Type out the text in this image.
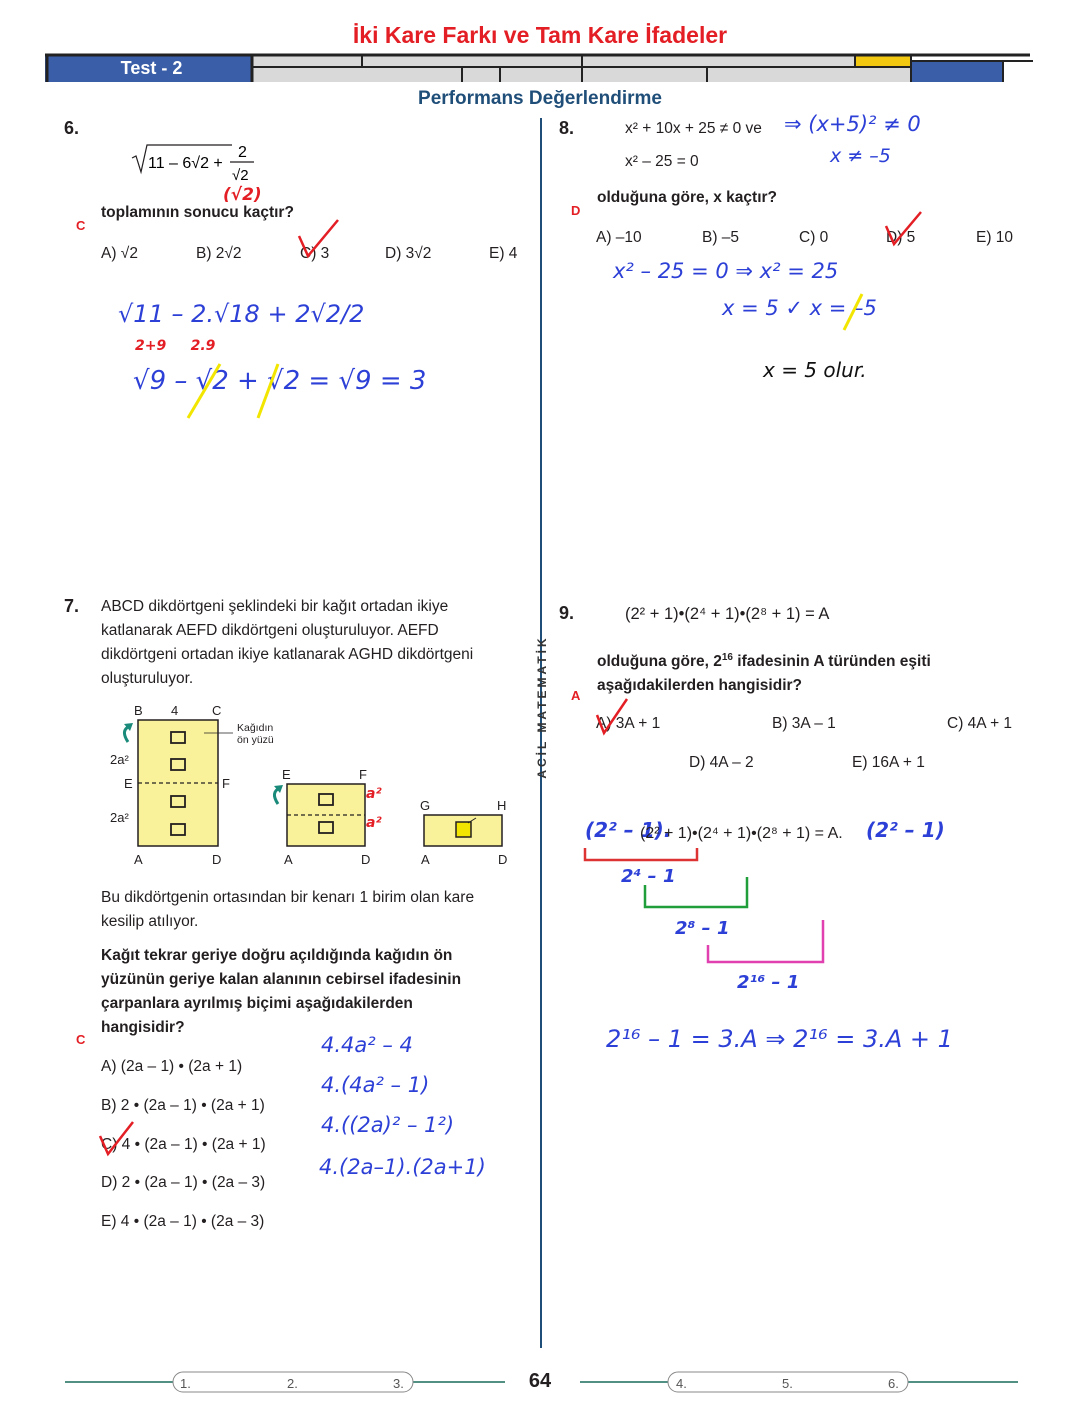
İki Kare Farkı ve Tam Kare İfadeler
Test - 2
Performans Değerlendirme
ACİL MATEMATİK
6.
11 – 6√2 +
2
√2
(√2)
C
toplamının sonucu kaçtır?
A) √2	B) 2√2	C) 3	D) 3√2	E) 4
√11 – 2.√18 + 2√2/2
2+9     2.9
√9 – √2 + √2 = √9 = 3
8.	x² + 10x + 25 ≠ 0 ve
x² – 25 = 0
⇒ (x+5)² ≠ 0
x ≠ –5
D
olduğuna göre, x kaçtır?
A) –10	B) –5	C) 0	D) 5	E) 10
x² – 25 = 0 ⇒ x² = 25
x = 5 ✓ x = –5
x = 5 olur.
7. ABCD dikdörtgeni şeklindeki bir kağıt ortadan ikiye katlanarak AEFD dikdörtgeni oluşturuluyor. AEFD dikdörtgeni ortadan ikiye katlanarak AGHD dikdörtgeni oluşturuluyor.
B 4	C
E	F
A	D
2a²
2a²
Kağıdın ön yüzü
E	F
A	D
a²
a²
G	H
A	D
Bu dikdörtgenin ortasından bir kenarı 1 birim olan kare kesilip atılıyor.
Kağıt tekrar geriye doğru açıldığında kağıdın ön yüzünün geriye kalan alanının cebirsel ifadesinin çarpanlara ayrılmış biçimi aşağıdakilerden hangisidir?
C
A) (2a – 1) • (2a + 1)
B) 2 • (2a – 1) • (2a + 1)
C) 4 • (2a – 1) • (2a + 1)
D) 2 • (2a – 1) • (2a – 3)
E) 4 • (2a – 1) • (2a – 3)
4.4a² – 4
4.(4a² – 1)
4.((2a)² – 1²)
4.(2a–1).(2a+1)
9.	(2² + 1)•(2⁴ + 1)•(2⁸ + 1) = A
olduğuna göre, $2^{16}$ ifadesinin A türünden eşiti aşağıdakilerden hangisidir?
A
A) 3A + 1	B) 3A – 1	C) 4A + 1
D) 4A – 2	E) 16A + 1
(2² – 1).
(2² + 1)•(2⁴ + 1)•(2⁸ + 1) = A. (2² – 1)
2⁴ – 1
2⁸ – 1
2¹⁶ – 1
2¹⁶ – 1 = 3.A ⇒ 2¹⁶ = 3.A + 1
1.	2.	3.	64	4.	5.	6.
